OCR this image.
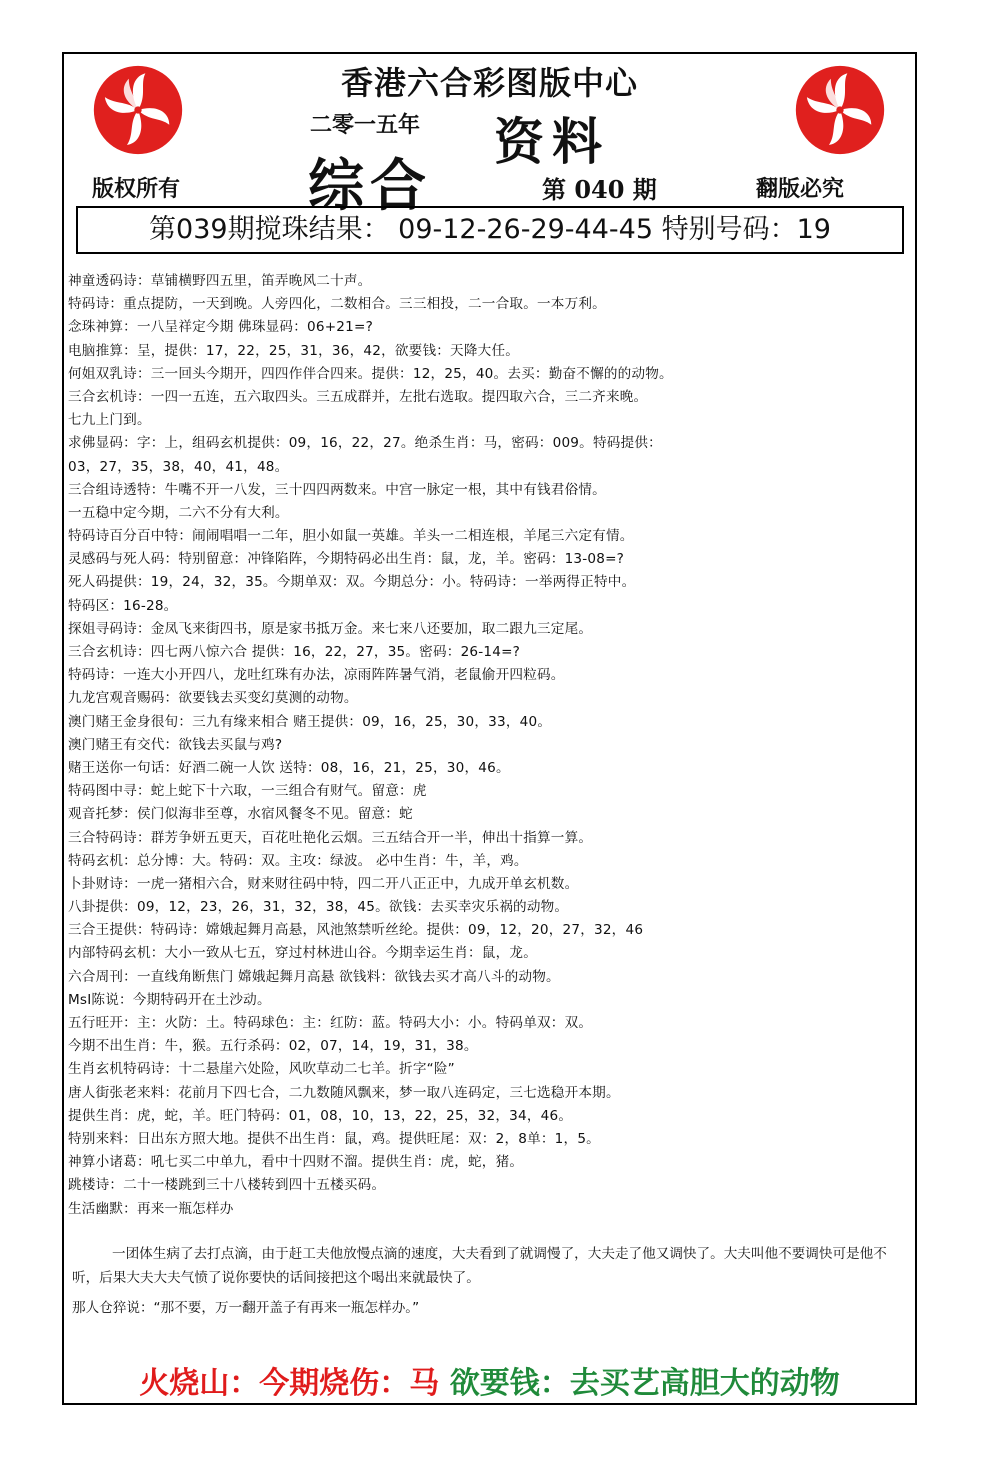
香港六合彩图版中心
二零一五年 资料
综合	第 040 期
版权所有	翻版必究
第039期搅珠结果： 09-12-26-29-44-45 特别号码：19
神童透码诗：草铺横野四五里，笛弄晚风二十声。
特码诗：重点提防，一天到晚。人旁四化，二数相合。三三相投，二一合取。一本万利。
念珠神算：一八呈祥定今期 佛珠显码：06+21=?
电脑推算：呈，提供：17，22，25，31，36，42，欲要钱：天降大任。
何姐双乳诗：三一回头今期开，四四作伴合四来。提供：12，25，40。去买：勤奋不懈的的动物。
三合玄机诗：一四一五连，五六取四头。三五成群并，左批右选取。提四取六合，三二齐来晚。
七九上门到。
求佛显码：字：上，组码玄机提供：09，16，22，27。绝杀生肖：马，密码：009。特码提供：
03，27，35，38，40，41，48。
三合组诗透特：牛嘴不开一八发，三十四四两数来。中宫一脉定一根，其中有钱君俗情。
一五稳中定今期，二六不分有大利。
特码诗百分百中特：闹闹唱唱一二年，胆小如鼠一英雄。羊头一二相连根，羊尾三六定有情。
灵感码与死人码：特别留意：冲锋陷阵，今期特码必出生肖：鼠，龙，羊。密码：13-08=?
死人码提供：19，24，32，35。今期单双：双。今期总分：小。特码诗：一举两得正特中。
特码区：16-28。
探姐寻码诗：金凤飞来街四书，原是家书抵万金。来七来八还要加，取二跟九三定尾。
三合玄机诗：四七两八惊六合 提供：16，22，27，35。密码：26-14=?
特码诗：一连大小开四八，龙吐红珠有办法，凉雨阵阵暑气消，老鼠偷开四粒码。
九龙宫观音赐码：欲要钱去买变幻莫测的动物。
澳门赌王金身很旬：三九有缘来相合 赌王提供：09，16，25，30，33，40。
澳门赌王有交代：欲钱去买鼠与鸡?
赌王送你一句话：好酒二碗一人饮 送特：08，16，21，25，30，46。
特码图中寻：蛇上蛇下十六取，一三组合有财气。留意：虎
观音托梦：侯门似海非至尊，水宿风餐冬不见。留意：蛇
三合特码诗：群芳争妍五更天，百花吐艳化云烟。三五结合开一半，伸出十指算一算。
特码玄机：总分博：大。特码：双。主攻：绿波。 必中生肖：牛，羊，鸡。
卜卦财诗：一虎一猪相六合，财来财往码中特，四二开八正正中，九成开单玄机数。
八卦提供：09，12，23，26，31，32，38，45。欲钱：去买幸灾乐祸的动物。
三合王提供：特码诗：嫦娥起舞月高悬，风池煞禁听丝纶。提供：09，12，20，27，32，46
内部特码玄机：大小一致从七五，穿过村林进山谷。今期幸运生肖：鼠，龙。
六合周刊：一直线角断焦门 嫦娥起舞月高悬 欲钱料：欲钱去买才高八斗的动物。
MsI陈说：今期特码开在土沙动。
五行旺开：主：火防：土。特码球色：主：红防：蓝。特码大小：小。特码单双：双。
今期不出生肖：牛，猴。五行杀码：02，07，14，19，31，38。
生肖玄机特码诗：十二悬崖六处险，风吹草动二七羊。折字“险”
唐人街张老来料：花前月下四七合，二九数随风飘来，梦一取八连码定，三七选稳开本期。
提供生肖：虎，蛇，羊。旺门特码：01，08，10，13，22，25，32，34，46。
特别来料：日出东方照大地。提供不出生肖：鼠，鸡。提供旺尾：双：2，8单：1，5。
神算小诸葛：吼七买二中单九，看中十四财不溜。提供生肖：虎，蛇，猪。
跳楼诗：二十一楼跳到三十八楼转到四十五楼买码。
生活幽默：再来一瓶怎样办
一团体生病了去打点滴，由于赶工夫他放慢点滴的速度，大夫看到了就调慢了，大夫走了他又调快了。大夫叫他不要调快可是他不听，后果大夫大夫气愤了说你要快的话间接把这个喝出来就最快了。
那人仓猝说：“那不要，万一翻开盖子有再来一瓶怎样办。”
火烧山：今期烧伤：马 欲要钱：去买艺高胆大的动物
